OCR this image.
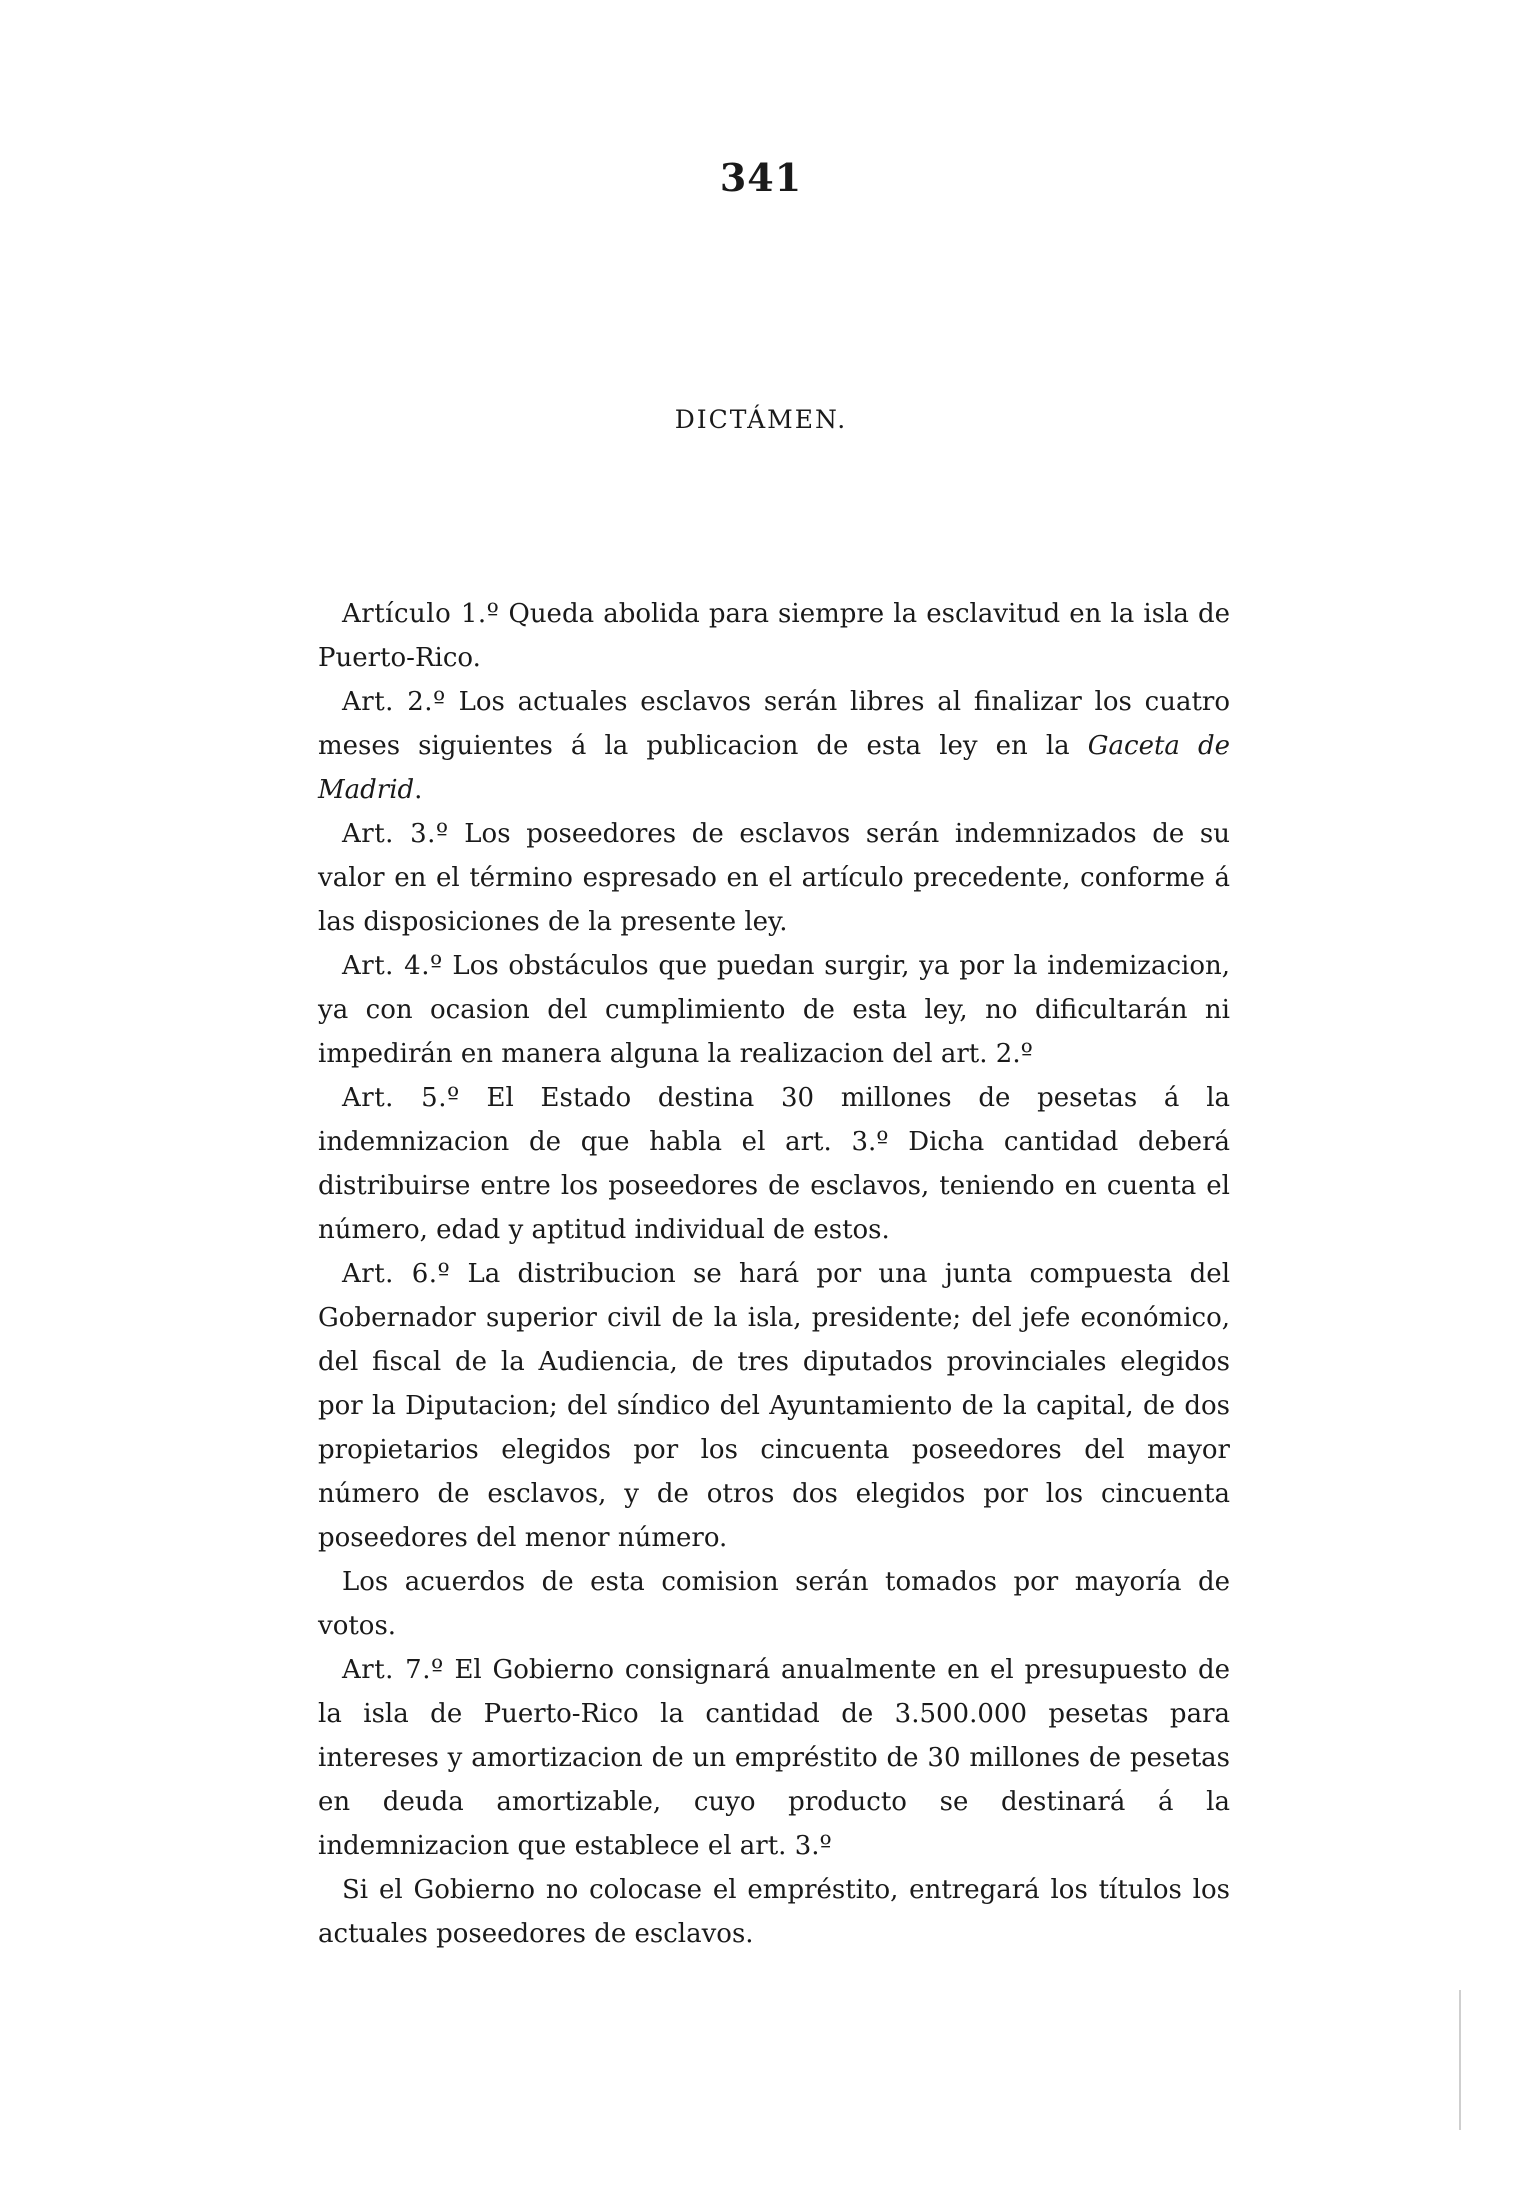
341
DICTÁMEN.

Artículo 1.º Queda abolida para siempre la esclavitud en la isla de Puerto-Rico.

Art. 2.º Los actuales esclavos serán libres al finalizar los cuatro meses siguientes á la publicacion de esta ley en la Gaceta de Madrid.

Art. 3.º Los poseedores de esclavos serán indemnizados de su valor en el término espresado en el artículo precedente, conforme á las disposiciones de la presente ley.

Art. 4.º Los obstáculos que puedan surgir, ya por la indemizacion, ya con ocasion del cumplimiento de esta ley, no dificultarán ni impedirán en manera alguna la realizacion del art. 2.º

Art. 5.º El Estado destina 30 millones de pesetas á la indemnizacion de que habla el art. 3.º Dicha cantidad deberá distribuirse entre los poseedores de esclavos, teniendo en cuenta el número, edad y aptitud individual de estos.

Art. 6.º La distribucion se hará por una junta compuesta del Gobernador superior civil de la isla, presidente; del jefe económico, del fiscal de la Audiencia, de tres diputados provinciales elegidos por la Diputacion; del síndico del Ayuntamiento de la capital, de dos propietarios elegidos por los cincuenta poseedores del mayor número de esclavos, y de otros dos elegidos por los cincuenta poseedores del menor número.

Los acuerdos de esta comision serán tomados por mayoría de votos.

Art. 7.º El Gobierno consignará anualmente en el presupuesto de la isla de Puerto-Rico la cantidad de 3.500.000 pesetas para intereses y amortizacion de un empréstito de 30 millones de pesetas en deuda amortizable, cuyo producto se destinará á la indemnizacion que establece el art. 3.º

Si el Gobierno no colocase el empréstito, entregará los títulos los actuales poseedores de esclavos.
